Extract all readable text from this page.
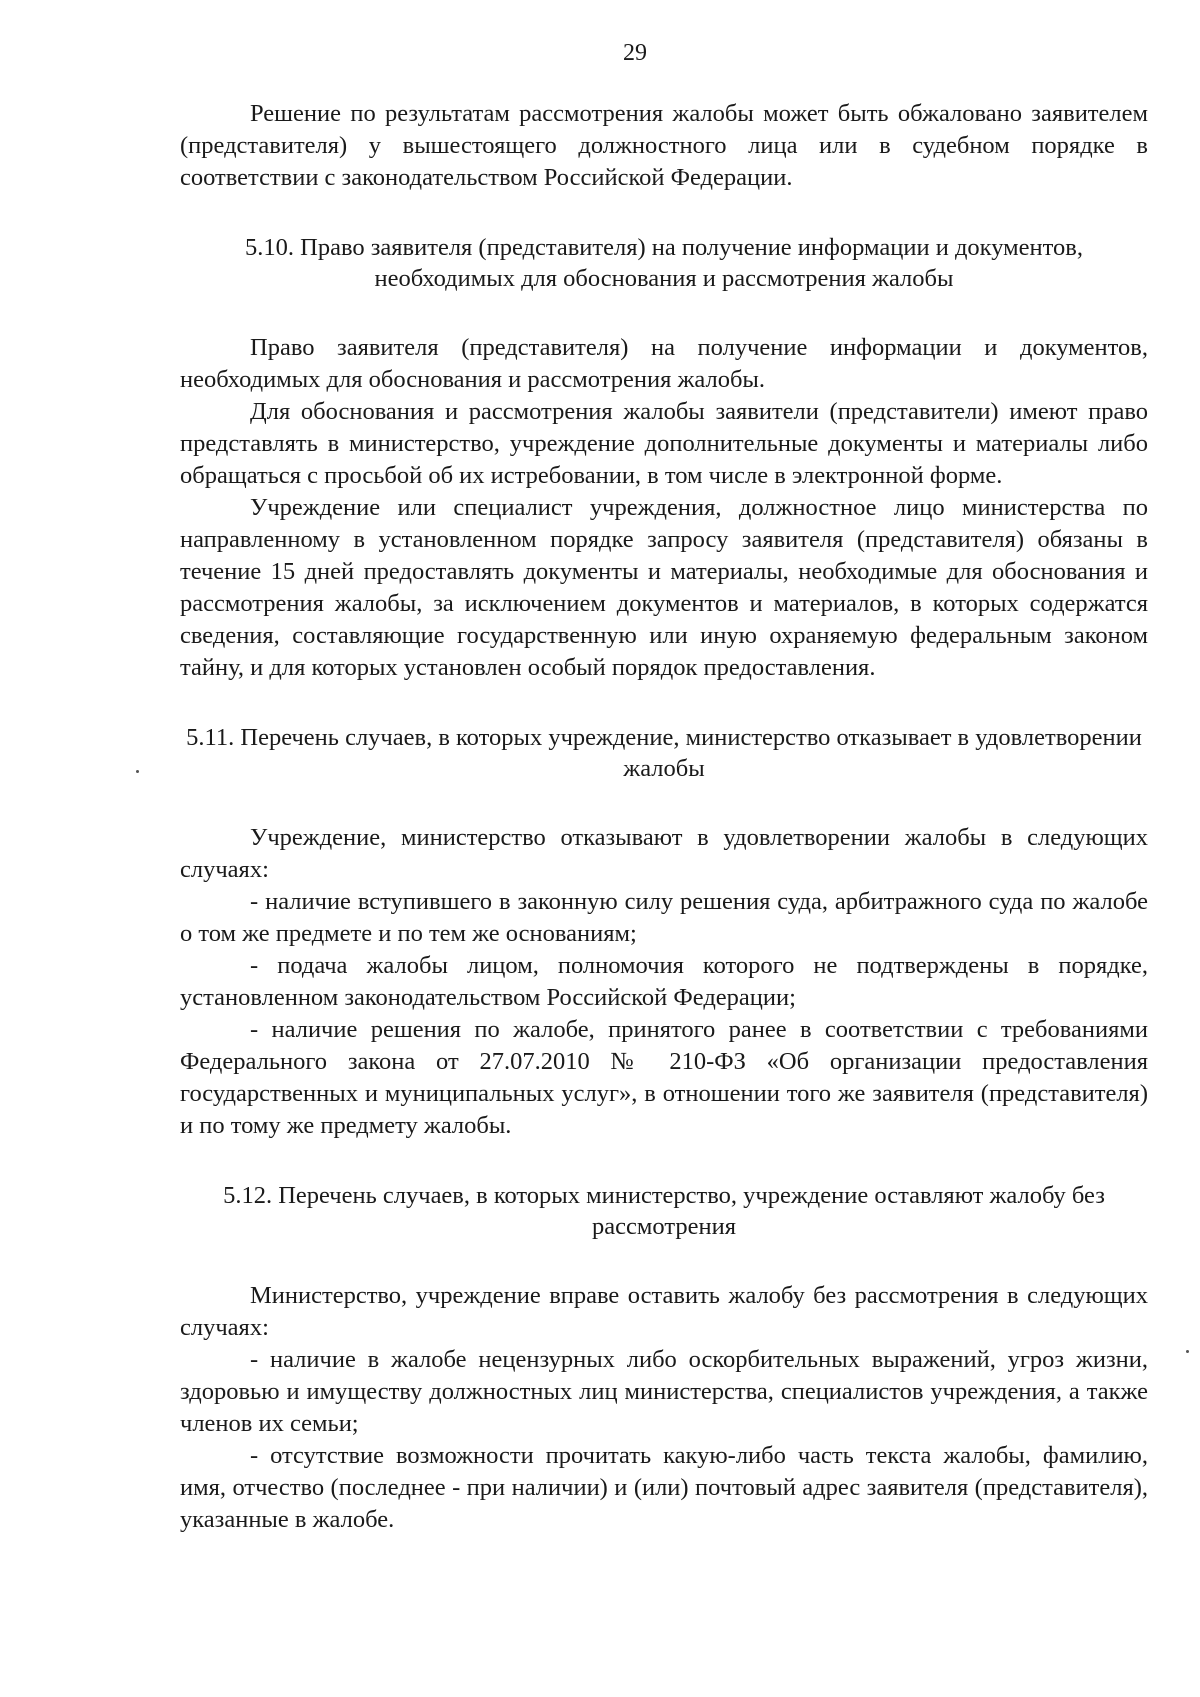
29

Решение по результатам рассмотрения жалобы может быть обжаловано заявителем (представителя) у вышестоящего должностного лица или в судебном порядке в соответствии с законодательством Российской Федерации.

5.10. Право заявителя (представителя) на получение информации и документов, необходимых для обоснования и рассмотрения жалобы

Право заявителя (представителя) на получение информации и документов, необходимых для обоснования и рассмотрения жалобы.

Для обоснования и рассмотрения жалобы заявители (представители) имеют право представлять в министерство, учреждение дополнительные документы и материалы либо обращаться с просьбой об их истребовании, в том числе в электронной форме.

Учреждение или специалист учреждения, должностное лицо министерства по направленному в установленном порядке запросу заявителя (представителя) обязаны в течение 15 дней предоставлять документы и материалы, необходимые для обоснования и рассмотрения жалобы, за исключением документов и материалов, в которых содержатся сведения, составляющие государственную или иную охраняемую федеральным законом тайну, и для которых установлен особый порядок предоставления.

5.11. Перечень случаев, в которых учреждение, министерство отказывает в удовлетворении жалобы

Учреждение, министерство отказывают в удовлетворении жалобы в следующих случаях:

- наличие вступившего в законную силу решения суда, арбитражного суда по жалобе о том же предмете и по тем же основаниям;

- подача жалобы лицом, полномочия которого не подтверждены в порядке, установленном законодательством Российской Федерации;

- наличие решения по жалобе, принятого ранее в соответствии с требованиями Федерального закона от 27.07.2010 № 210-ФЗ «Об организации предоставления государственных и муниципальных услуг», в отношении того же заявителя (представителя) и по тому же предмету жалобы.

5.12. Перечень случаев, в которых министерство, учреждение оставляют жалобу без рассмотрения

Министерство, учреждение вправе оставить жалобу без рассмотрения в следующих случаях:

- наличие в жалобе нецензурных либо оскорбительных выражений, угроз жизни, здоровью и имуществу должностных лиц министерства, специалистов учреждения, а также членов их семьи;

- отсутствие возможности прочитать какую-либо часть текста жалобы, фамилию, имя, отчество (последнее - при наличии) и (или) почтовый адрес заявителя (представителя), указанные в жалобе.
